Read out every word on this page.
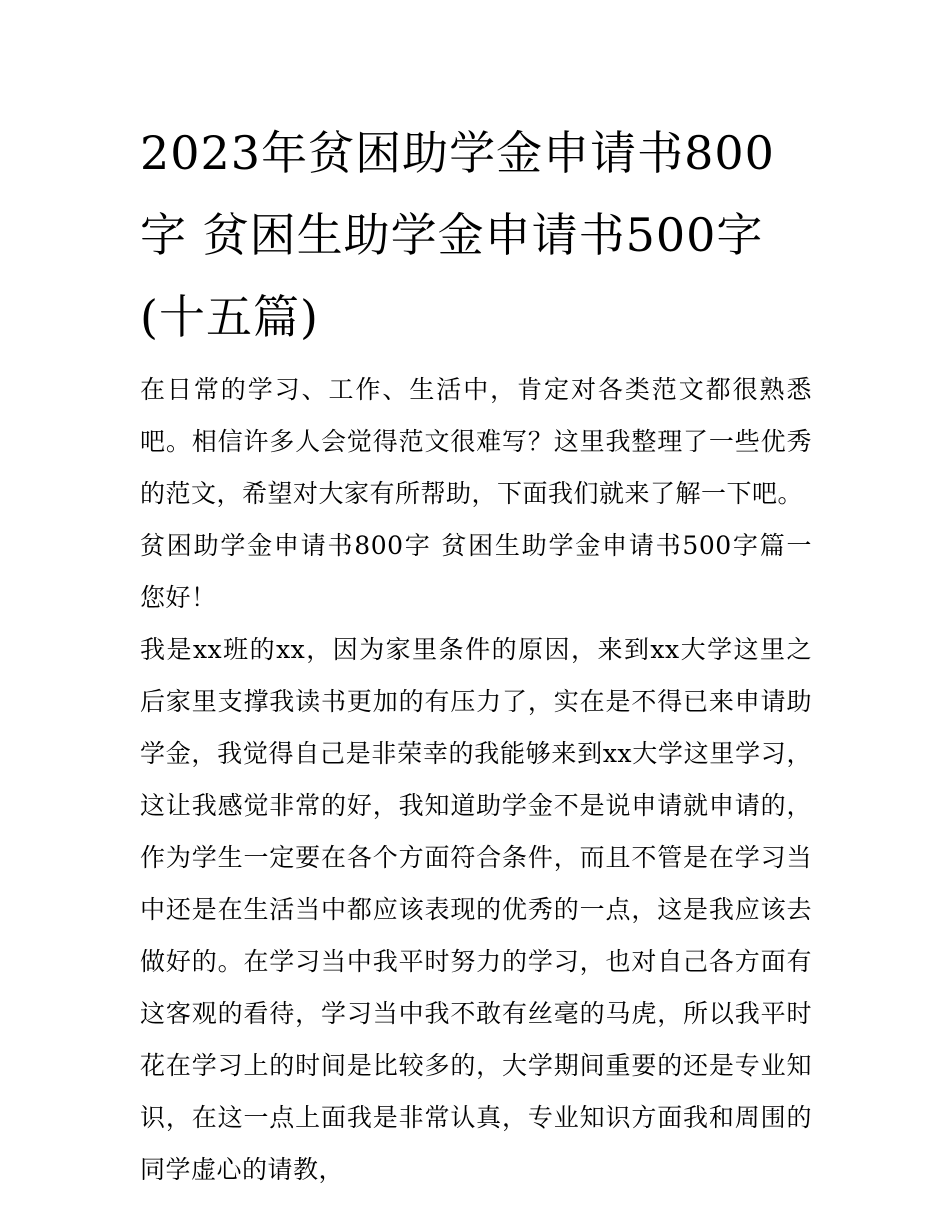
2023年贫困助学金申请书800字 贫困生助学金申请书500字(十五篇)

在日常的学习、工作、生活中，肯定对各类范文都很熟悉吧。相信许多人会觉得范文很难写？这里我整理了一些优秀的范文，希望对大家有所帮助，下面我们就来了解一下吧。

贫困助学金申请书800字 贫困生助学金申请书500字篇一 您好！

我是xx班的xx，因为家里条件的原因，来到xx大学这里之后家里支撑我读书更加的有压力了，实在是不得已来申请助学金，我觉得自己是非荣幸的我能够来到xx大学这里学习，这让我感觉非常的好，我知道助学金不是说申请就申请的，作为学生一定要在各个方面符合条件，而且不管是在学习当中还是在生活当中都应该表现的优秀的一点，这是我应该去做好的。在学习当中我平时努力的学习，也对自己各方面有这客观的看待，学习当中我不敢有丝毫的马虎，所以我平时花在学习上的时间是比较多的，大学期间重要的还是专业知识，在这一点上面我是非常认真，专业知识方面我和周围的同学虚心的请教，
